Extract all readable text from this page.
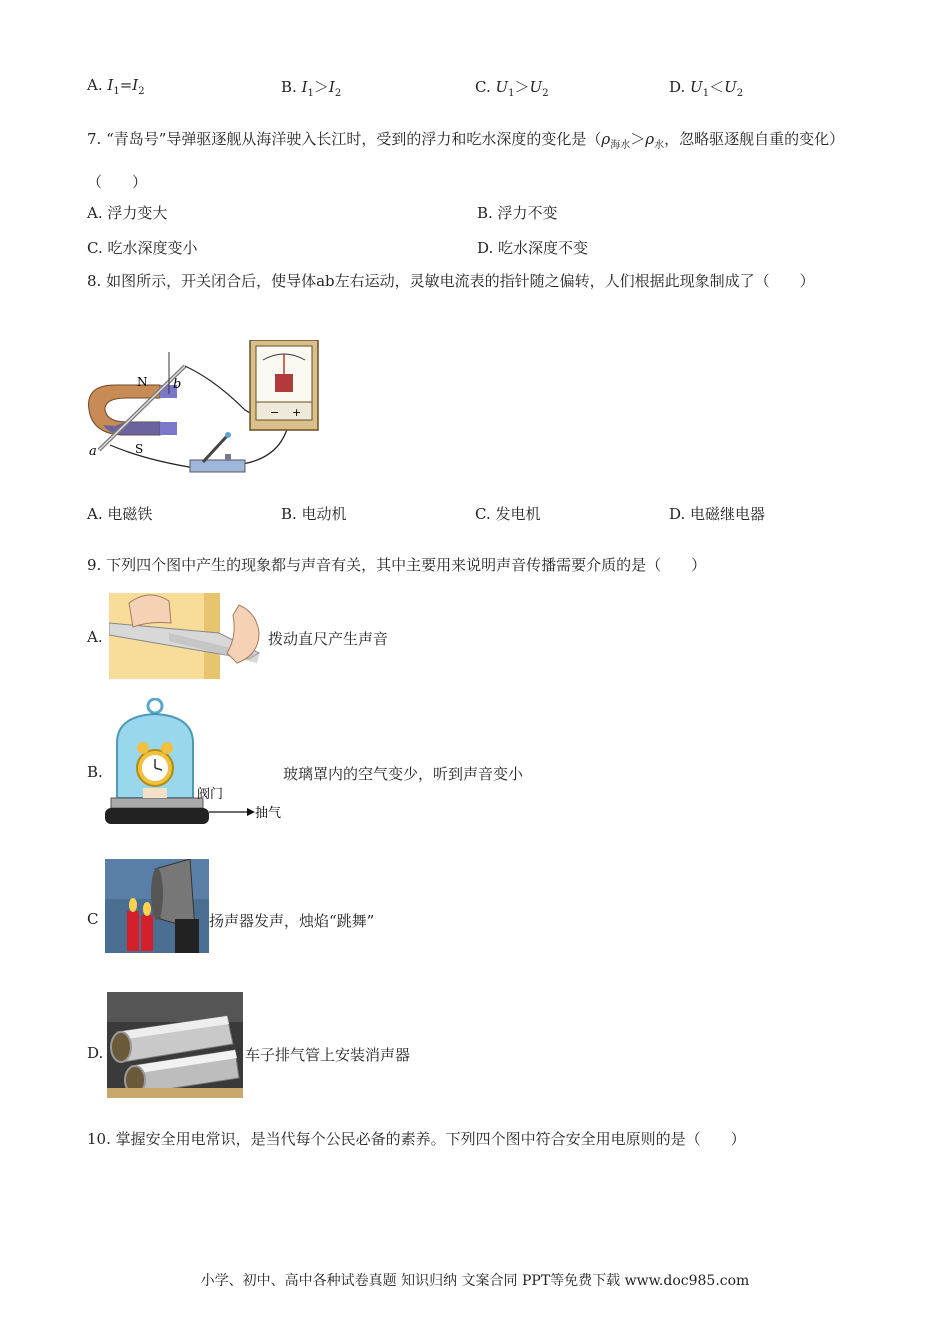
A. $I_1=I_2$	B. $I_1>I_2$	C. $U_1>U_2$	D. $U_1<U_2$
7. “青岛号”导弹驱逐舰从海洋驶入长江时，受到的浮力和吃水深度的变化是（$\rho_{海水}>\rho_水$，忽略驱逐舰自重的变化）（　　）
A. 浮力变大	B. 浮力不变
C. 吃水深度变小	D. 吃水深度不变
8. 如图所示，开关闭合后，使导体ab左右运动，灵敏电流表的指针随之偏转，人们根据此现象制成了（　　）
N
S
a
b
− +
A. 电磁铁	B. 电动机	C. 发电机	D. 电磁继电器
9. 下列四个图中产生的现象都与声音有关，其中主要用来说明声音传播需要介质的是（　　）
A.	拨动直尺产生声音
B.
阀门
抽气
玻璃罩内的空气变少，听到声音变小
C	扬声器发声，烛焰“跳舞”
D.	车子排气管上安装消声器
10. 掌握安全用电常识，是当代每个公民必备的素养。下列四个图中符合安全用电原则的是（　　）
小学、初中、高中各种试卷真题 知识归纳 文案合同 PPT等免费下载 www.doc985.com
